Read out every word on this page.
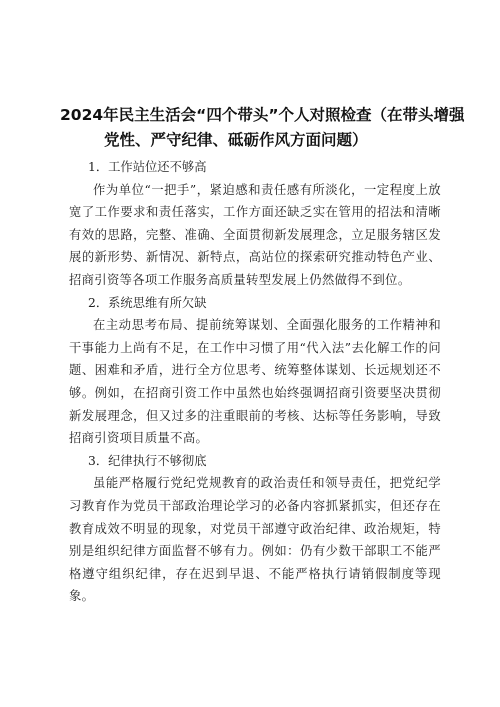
2024年民主生活会“四个带头”个人对照检查（在带头增强
党性、严守纪律、砥砺作风方面问题）

1．工作站位还不够高

作为单位“一把手”，紧迫感和责任感有所淡化，一定程度上放宽了工作要求和责任落实，工作方面还缺乏实在管用的招法和清晰有效的思路，完整、准确、全面贯彻新发展理念，立足服务辖区发展的新形势、新情况、新特点，高站位的探索研究推动特色产业、招商引资等各项工作服务高质量转型发展上仍然做得不到位。

2．系统思维有所欠缺

在主动思考布局、提前统筹谋划、全面强化服务的工作精神和干事能力上尚有不足，在工作中习惯了用“代入法”去化解工作的问题、困难和矛盾，进行全方位思考、统筹整体谋划、长远规划还不够。例如，在招商引资工作中虽然也始终强调招商引资要坚决贯彻新发展理念，但又过多的注重眼前的考核、达标等任务影响，导致招商引资项目质量不高。

3．纪律执行不够彻底

虽能严格履行党纪党规教育的政治责任和领导责任，把党纪学习教育作为党员干部政治理论学习的必备内容抓紧抓实，但还存在教育成效不明显的现象，对党员干部遵守政治纪律、政治规矩，特别是组织纪律方面监督不够有力。例如：仍有少数干部职工不能严格遵守组织纪律，存在迟到早退、不能严格执行请销假制度等现象。
